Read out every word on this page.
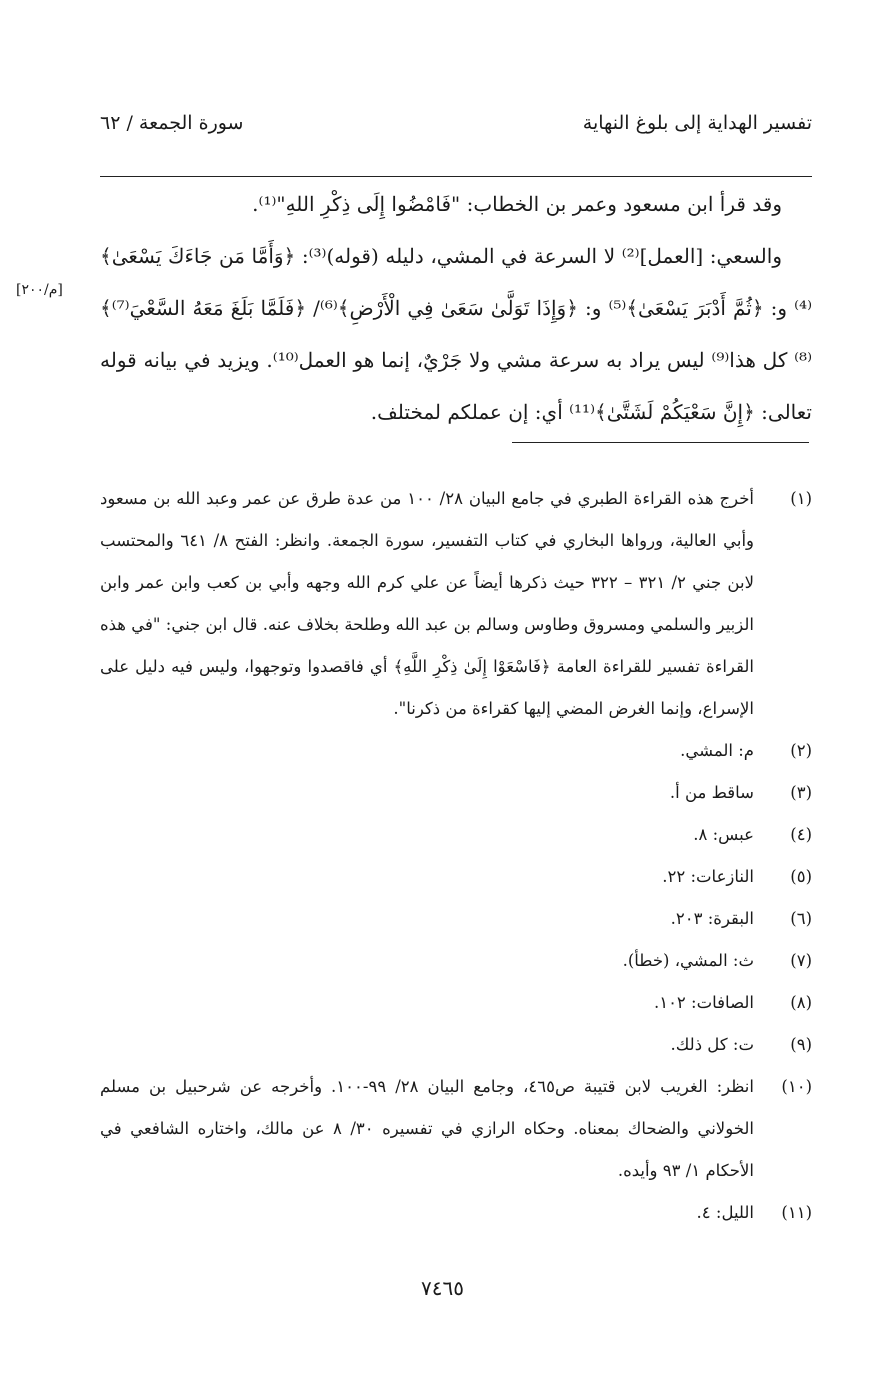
تفسير الهداية إلى بلوغ النهاية
سورة الجمعة / ٦٢

وقد قرأ ابن مسعود وعمر بن الخطاب: "فَامْضُوا إِلَى ذِكْرِ اللهِ"⁽¹⁾.

والسعي: [العمل]⁽²⁾ لا السرعة في المشي، دليله (قوله)⁽³⁾: ﴿وَأَمَّا مَن جَاءَكَ يَسْعَىٰ﴾⁽⁴⁾ و: ﴿ثُمَّ أَدْبَرَ يَسْعَىٰ﴾⁽⁵⁾ و: ﴿وَإِذَا تَوَلَّىٰ سَعَىٰ فِي الْأَرْضِ﴾⁽⁶⁾/ ﴿فَلَمَّا بَلَغَ مَعَهُ السَّعْيَ⁽⁷⁾﴾⁽⁸⁾ كل هذا⁽⁹⁾ ليس يراد به سرعة مشي ولا جَرْيٌ، إنما هو العمل⁽¹⁰⁾. ويزيد في بيانه قوله تعالى: ﴿إِنَّ سَعْيَكُمْ لَشَتَّىٰ﴾⁽¹¹⁾ أي: إن عملكم لمختلف.

[م/٢٠٠]
(١)
أخرج هذه القراءة الطبري في جامع البيان ٢٨/ ١٠٠ من عدة طرق عن عمر وعبد الله بن مسعود وأبي العالية، ورواها البخاري في كتاب التفسير، سورة الجمعة. وانظر: الفتح ٨/ ٦٤١ والمحتسب لابن جني ٢/ ٣٢١ – ٣٢٢ حيث ذكرها أيضاً عن علي كرم الله وجهه وأبي بن كعب وابن عمر وابن الزبير والسلمي ومسروق وطاوس وسالم بن عبد الله وطلحة بخلاف عنه. قال ابن جني: "في هذه القراءة تفسير للقراءة العامة ﴿فَاسْعَوْا إِلَىٰ ذِكْرِ اللَّهِ﴾ أي فاقصدوا وتوجهوا، وليس فيه دليل على الإسراع، وإنما الغرض المضي إليها كقراءة من ذكرنا".
(٢)
م: المشي.
(٣)
ساقط من أ.
(٤)
عبس: ٨.
(٥)
النازعات: ٢٢.
(٦)
البقرة: ٢٠٣.
(٧)
ث: المشي، (خطأ).
(٨)
الصافات: ١٠٢.
(٩)
ت: كل ذلك.
(١٠)
انظر: الغريب لابن قتيبة ص٤٦٥، وجامع البيان ٢٨/ ٩٩-١٠٠. وأخرجه عن شرحبيل بن مسلم الخولاني والضحاك بمعناه. وحكاه الرازي في تفسيره ٣٠/ ٨ عن مالك، واختاره الشافعي في الأحكام ١/ ٩٣ وأيده.
(١١)
الليل: ٤.
٧٤٦٥
